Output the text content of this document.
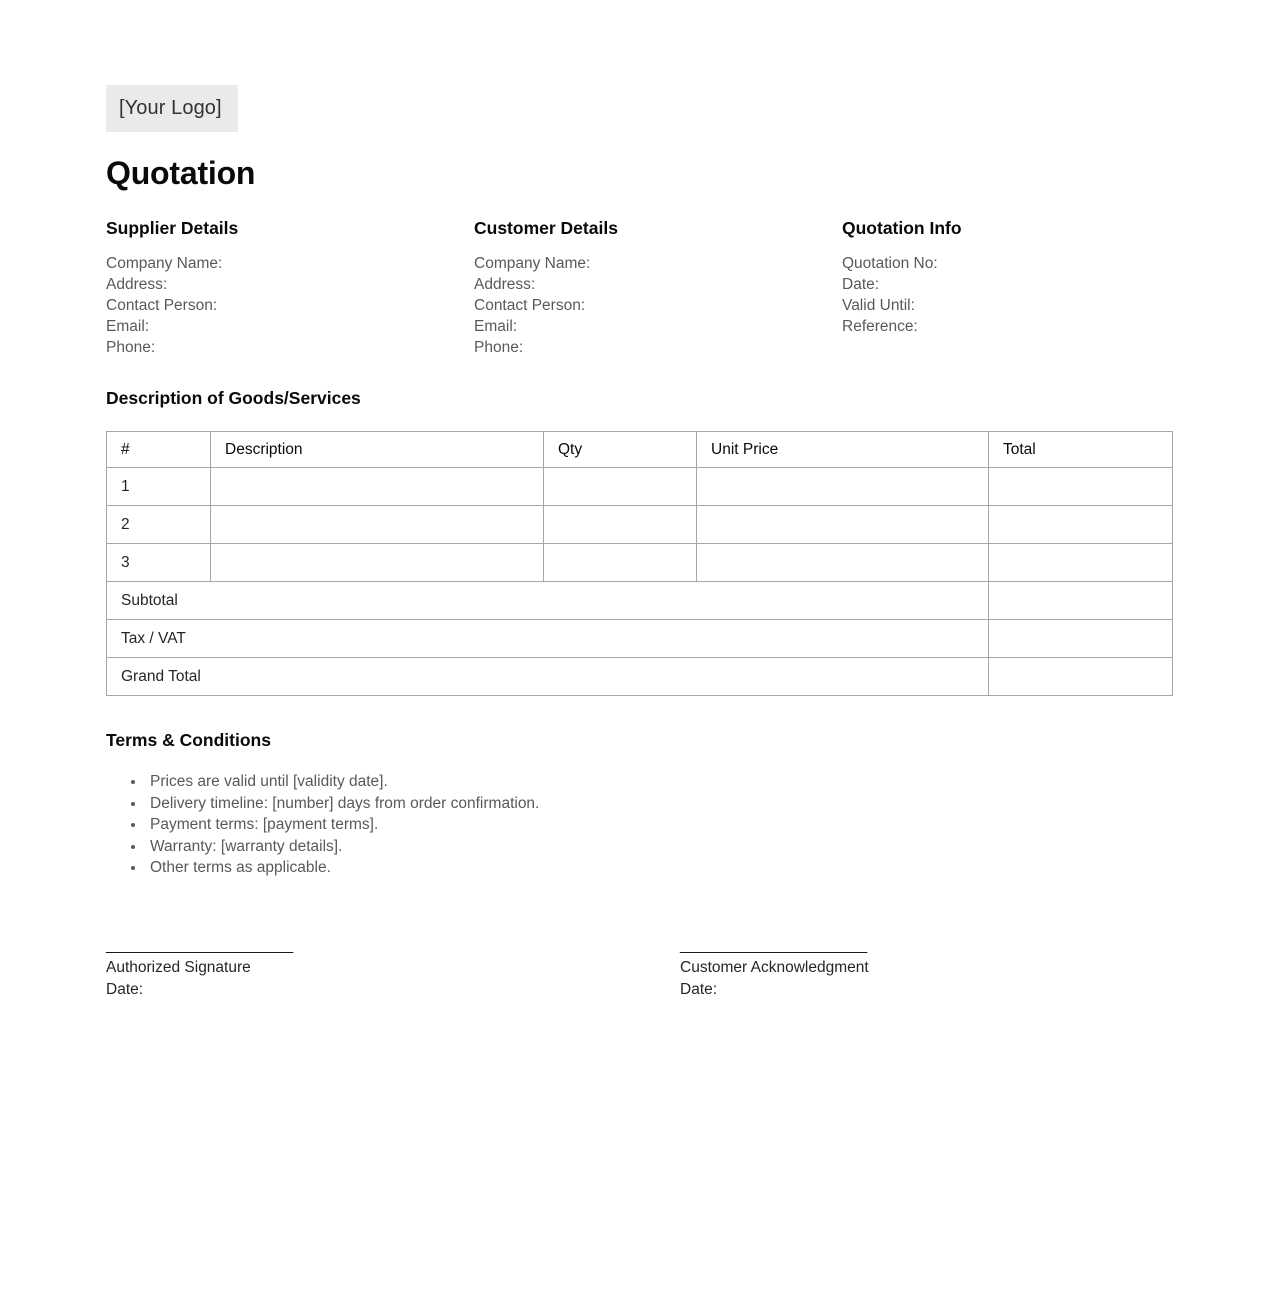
[Your Logo]
Quotation
Supplier Details
Company Name:
Address:
Contact Person:
Email:
Phone:
Customer Details
Company Name:
Address:
Contact Person:
Email:
Phone:
Quotation Info
Quotation No:
Date:
Valid Until:
Reference:
Description of Goods/Services
#	Description	Qty	Unit Price	Total
1				
2				
3				
Subtotal				
Tax / VAT				
Grand Total				
Terms & Conditions
• Prices are valid until [validity date].
• Delivery timeline: [number] days from order confirmation.
• Payment terms: [payment terms].
• Warranty: [warranty details].
• Other terms as applicable.
_______________________
Authorized Signature
Date:
_______________________
Customer Acknowledgment
Date:
